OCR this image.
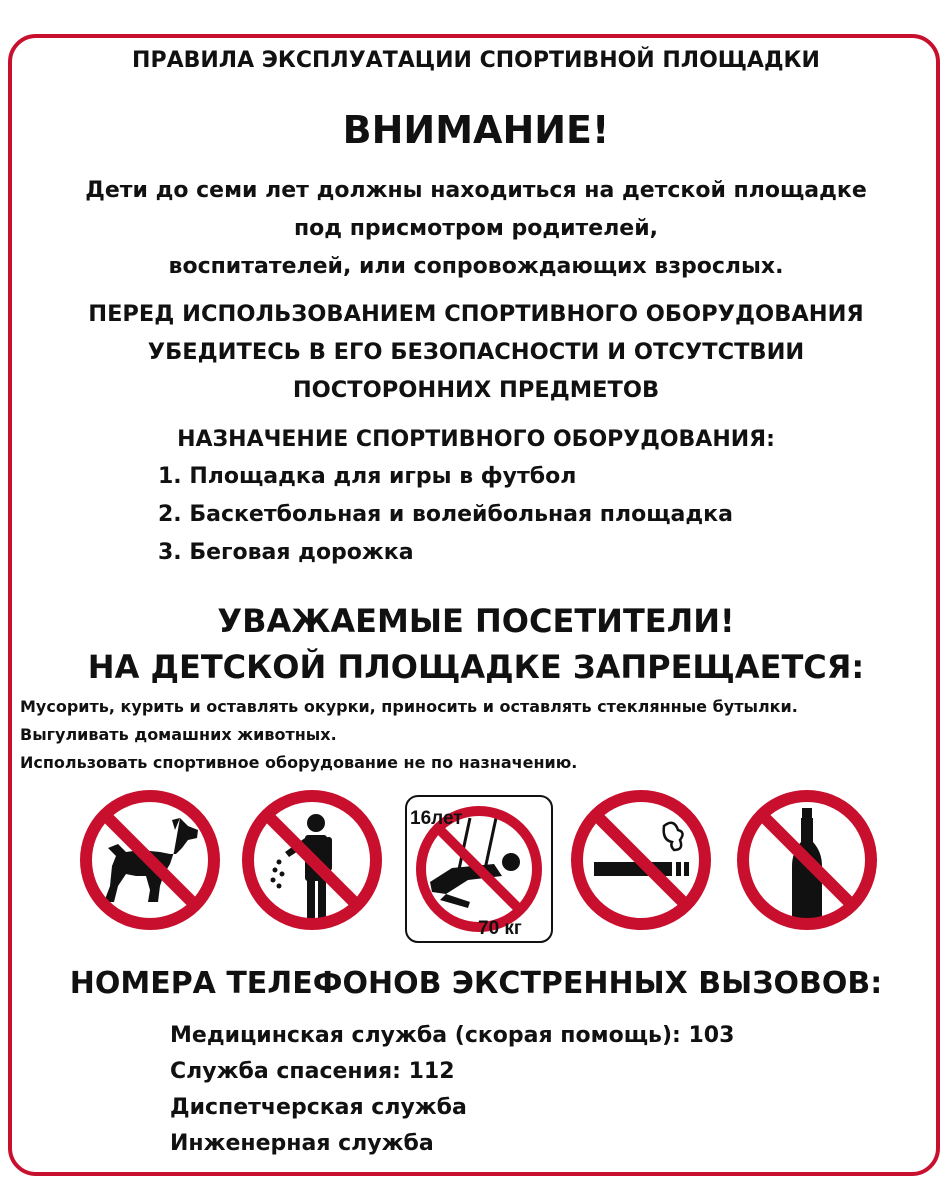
ПРАВИЛА ЭКСПЛУАТАЦИИ СПОРТИВНОЙ ПЛОЩАДКИ
ВНИМАНИЕ!
Дети до семи лет должны находиться на детской площадке
под присмотром родителей,
воспитателей, или сопровождающих взрослых.
ПЕРЕД ИСПОЛЬЗОВАНИЕМ СПОРТИВНОГО ОБОРУДОВАНИЯ
УБЕДИТЕСЬ В ЕГО БЕЗОПАСНОСТИ И ОТСУТСТВИИ
ПОСТОРОННИХ ПРЕДМЕТОВ
НАЗНАЧЕНИЕ СПОРТИВНОГО ОБОРУДОВАНИЯ:
1. Площадка для игры в футбол
2. Баскетбольная и волейбольная площадка
3. Беговая дорожка
УВАЖАЕМЫЕ ПОСЕТИТЕЛИ!
НА ДЕТСКОЙ ПЛОЩАДКЕ ЗАПРЕЩАЕТСЯ:
Мусорить, курить и оставлять окурки, приносить и оставлять стеклянные бутылки.
Выгуливать домашних животных.
Использовать спортивное оборудование не по назначению.
16лет
70 кг
НОМЕРА ТЕЛЕФОНОВ ЭКСТРЕННЫХ ВЫЗОВОВ:
Медицинская служба (скорая помощь): 103
Служба спасения: 112
Диспетчерская служба
Инженерная служба
